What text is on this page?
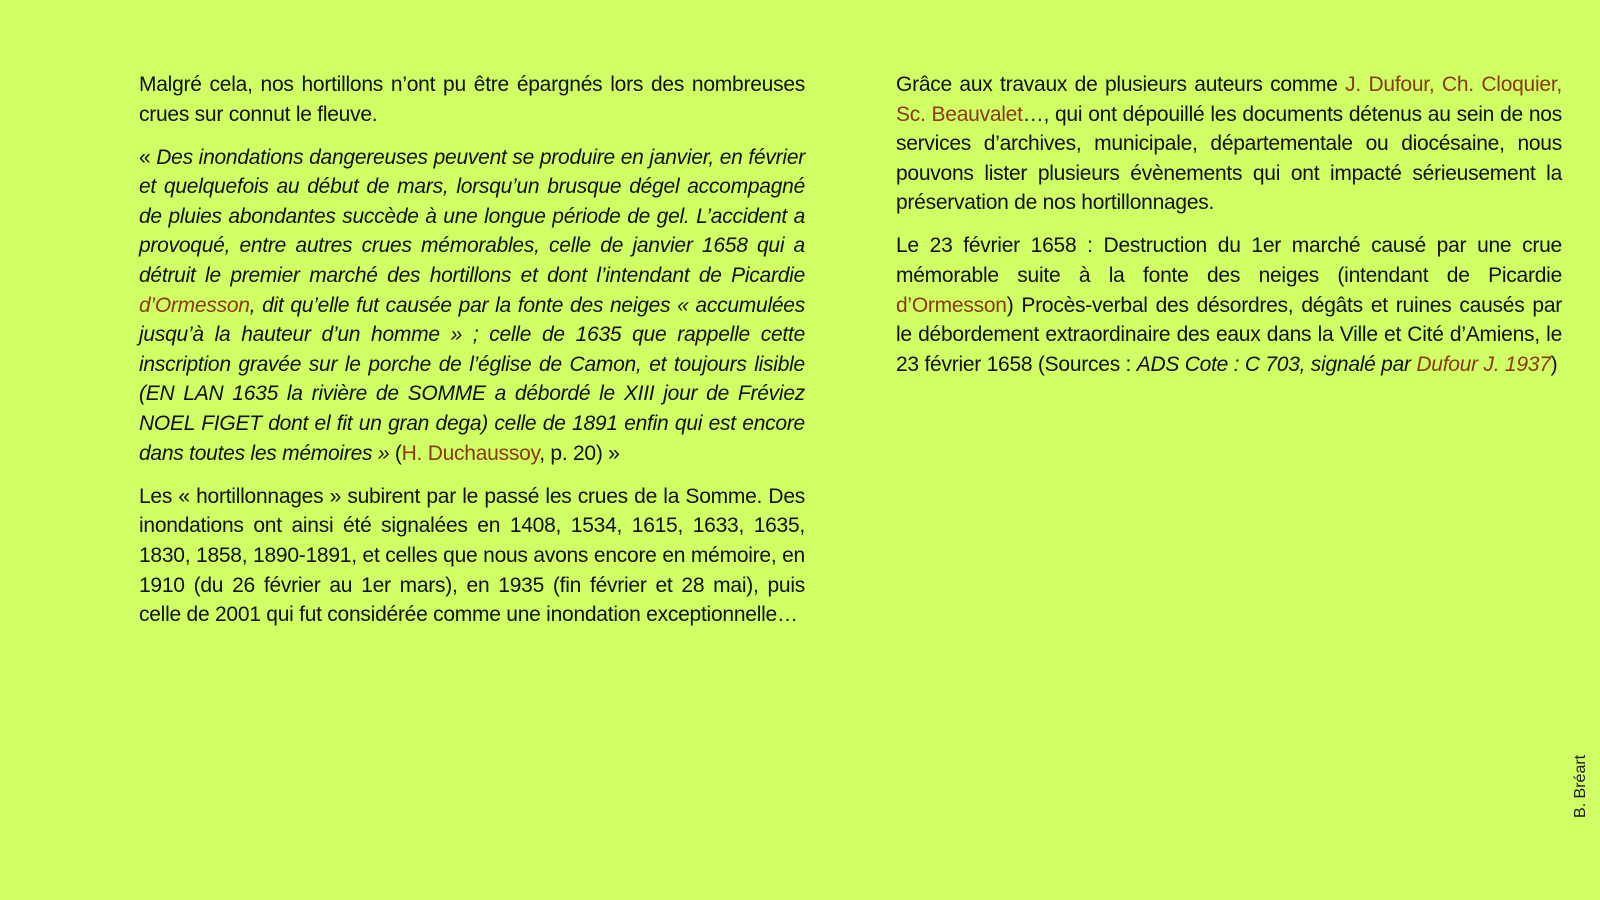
Malgré cela, nos hortillons n’ont pu être épargnés lors des nombreuses crues sur connut le fleuve.

« Des inondations dangereuses peuvent se produire en janvier, en février et quelquefois au début de mars, lorsqu’un brusque dégel accompagné de pluies abondantes succède à une longue période de gel. L’accident a provoqué, entre autres crues mémorables, celle de janvier 1658 qui a détruit le premier marché des hortillons et dont l’intendant de Picardie d’Ormesson, dit qu’elle fut causée par la fonte des neiges « accumulées jusqu’à la hauteur d’un homme » ; celle de 1635 que rappelle cette inscription gravée sur le porche de l’église de Camon, et toujours lisible (EN LAN 1635 la rivière de SOMME a débordé le XIII jour de Fréviez NOEL FIGET dont el fit un gran dega) celle de 1891 enfin qui est encore dans toutes les mémoires » (H. Duchaussoy, p. 20) »

Les « hortillonnages » subirent par le passé les crues de la Somme. Des inondations ont ainsi été signalées en 1408, 1534, 1615, 1633, 1635, 1830, 1858, 1890-1891, et celles que nous avons encore en mémoire, en 1910 (du 26 février au 1er mars), en 1935 (fin février et 28 mai), puis celle de 2001 qui fut considérée comme une inondation exceptionnelle…

Grâce aux travaux de plusieurs auteurs comme J. Dufour, Ch. Cloquier, Sc. Beauvalet…, qui ont dépouillé les documents détenus au sein de nos services d’archives, municipale, départementale ou diocésaine, nous pouvons lister plusieurs évènements qui ont impacté sérieusement la préservation de nos hortillonnages.

Le 23 février 1658 : Destruction du 1er marché causé par une crue mémorable suite à la fonte des neiges (intendant de Picardie d’Ormesson) Procès-verbal des désordres, dégâts et ruines causés par le débordement extraordinaire des eaux dans la Ville et Cité d’Amiens, le 23 février 1658 (Sources : ADS Cote : C 703, signalé par Dufour J. 1937)

B. Bréart
